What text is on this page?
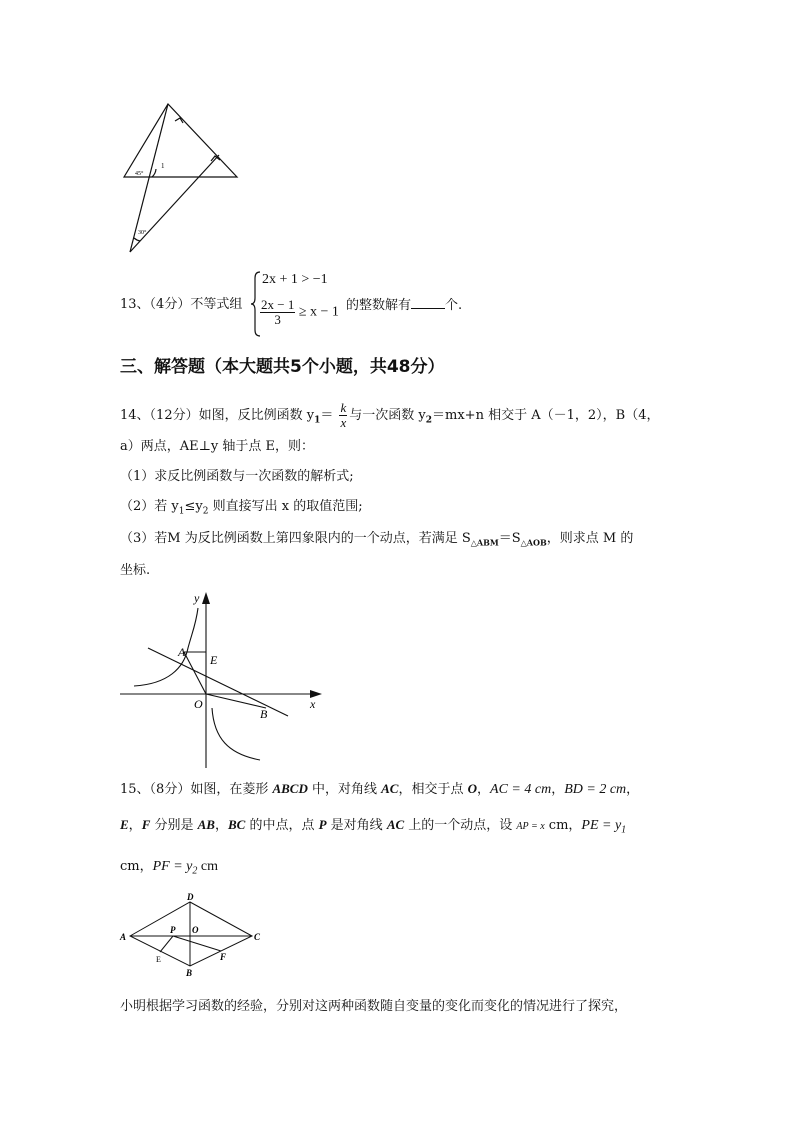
45°
1
30°
13、（4分）不等式组
2x + 1 > −1
$\frac{2x - 1}{3} \ge x - 1$ 的整数解有	个.
三、解答题（本大题共5个小题，共48分）
14、（12分）如图，反比例函数 $y_1= \frac{k}{x}$ 与一次函数 $y_2=mx+n$ 相交于 A（－1，2），B（4，
a）两点，AE⊥y 轴于点 E，则：
（1）求反比例函数与一次函数的解析式;
（2）若 $y_1\le y_2$ 则直接写出 x 的取值范围;
（3）若M 为反比例函数上第四象限内的一个动点，若满足 $S_{\triangle ABM}=S_{\triangle AOB}$，则求点 M 的
坐标.
y
x
A
E
O
B
15、（8分）如图，在菱形 ABCD 中，对角线 AC，相交于点 O，AC = 4 cm，BD = 2 cm，
E，F 分别是 AB，BC 的中点，点 P 是对角线 AC 上的一个动点，设 AP = x cm，PE = $y_1$
cm，PF = $y_2$ cm
A
D
C
B
P O
E	F
小明根据学习函数的经验，分别对这两种函数随自变量的变化而变化的情况进行了探究，
